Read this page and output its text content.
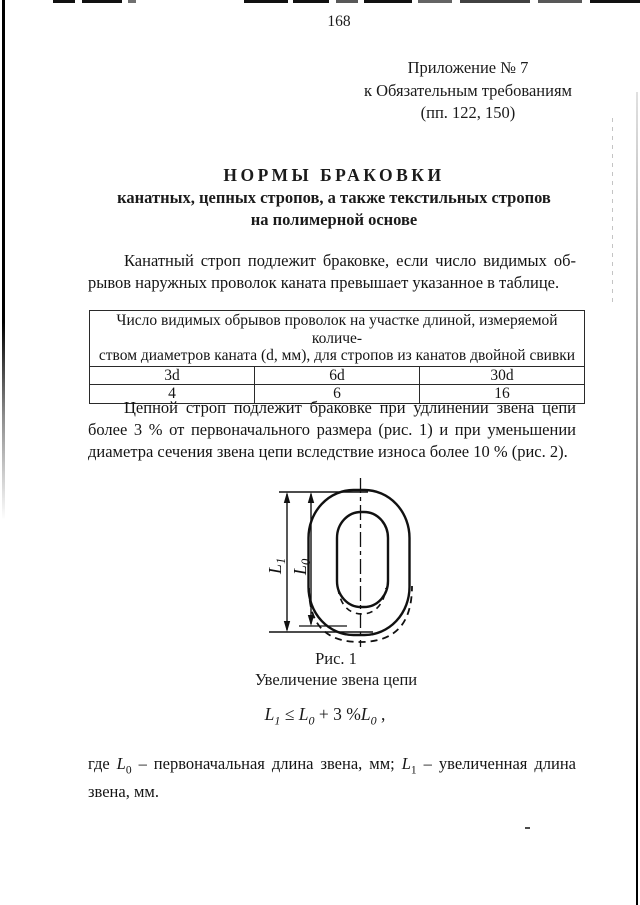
168
Приложение № 7
к Обязательным требованиям
(пп. 122, 150)
НОРМЫ БРАКОВКИ
канатных, цепных стропов, а также текстильных стропов
на полимерной основе
Канатный строп подлежит браковке, если число видимых об-
рывов наружных проволок каната превышает указанное в таблице.
Число видимых обрывов проволок на участке длиной, измеряемой количе-
ством диаметров каната (d, мм), для стропов из канатов двойной свивки		

3d	6d	30d
4	6	16
Цепной строп подлежит браковке при удлинении звена цепи
более 3 % от первоначального размера (рис. 1) и при уменьшении
диаметра сечения звена цепи вследствие износа более 10 % (рис. 2).
$L_1$
$L_0$
Рис. 1
Увеличение звена цепи
$L_1 \le L_0 + 3$ $\%L_0$ ,
где $L_0$ – первоначальная длина звена, мм; $L_1$ – увеличенная длина
звена, мм.
